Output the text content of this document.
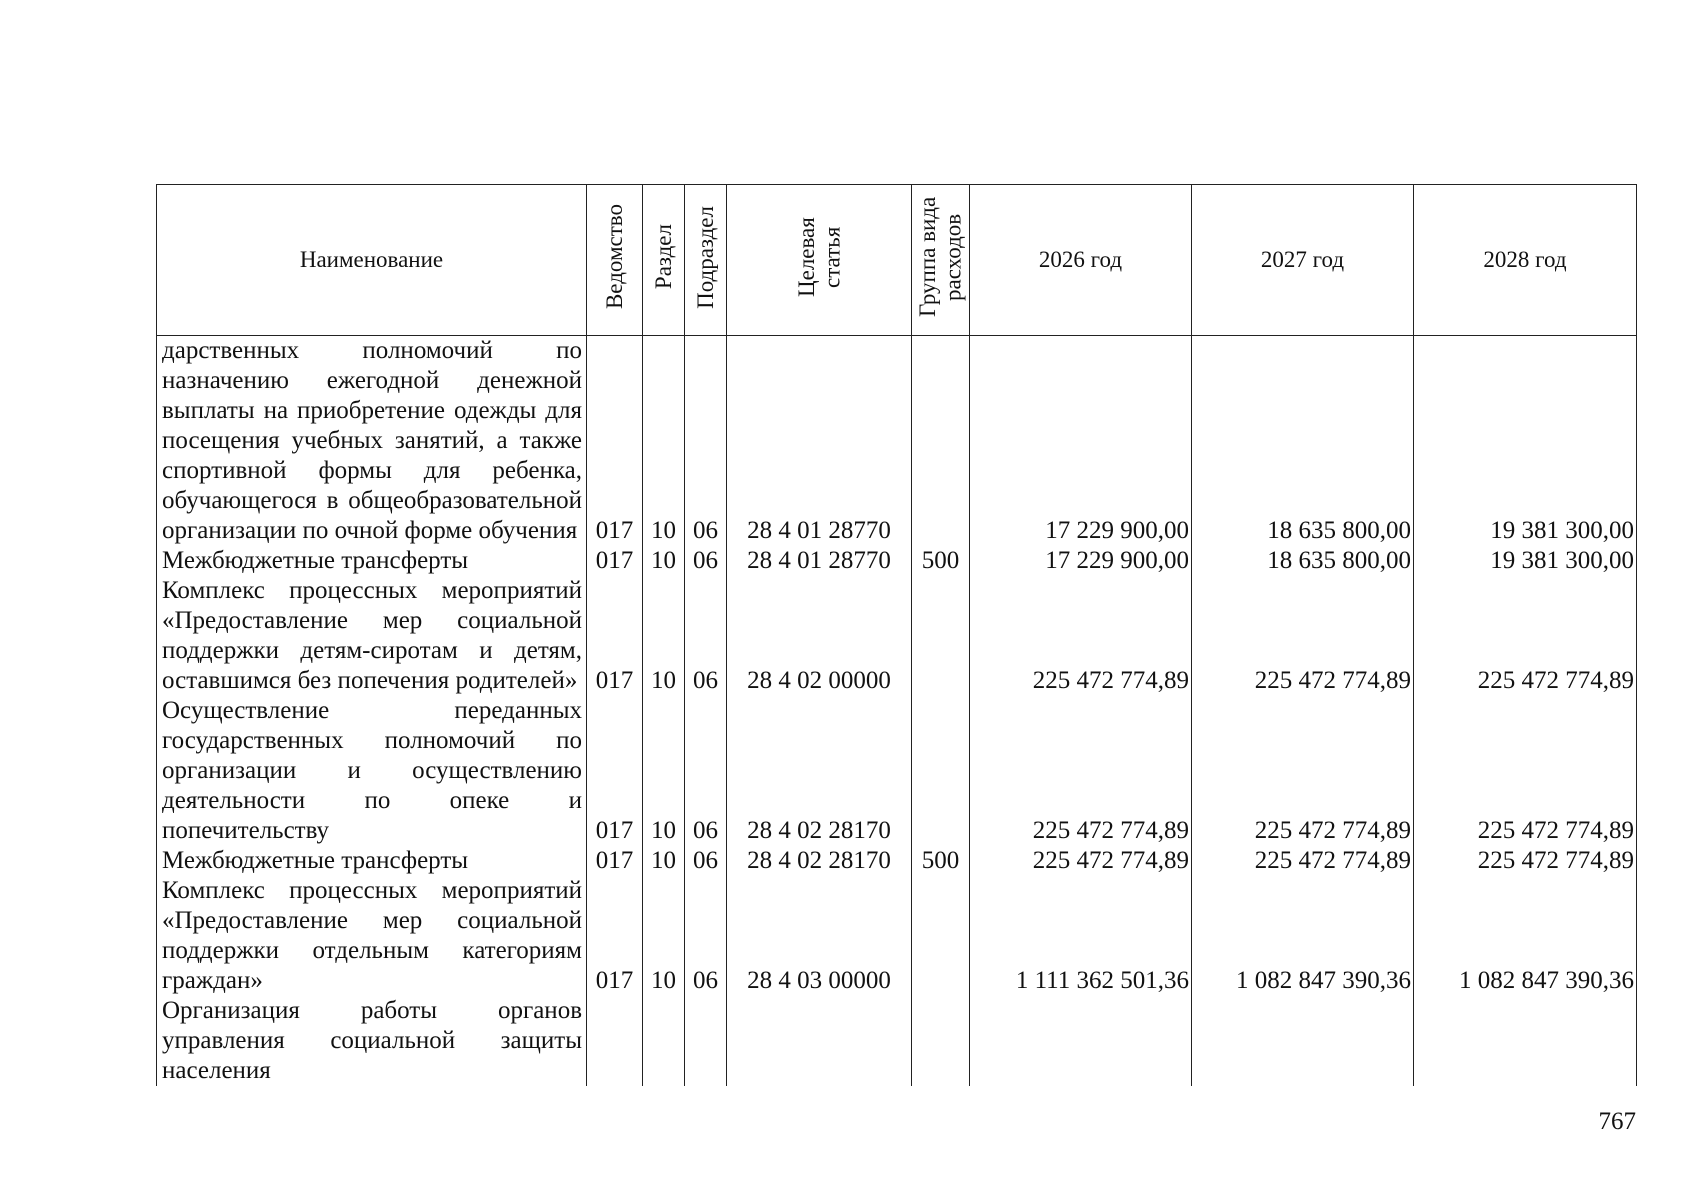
Наименование	Ведомство	Раздел	Подраздел	Целевая статья	Группа вида расходов	2026 год	2027 год	2028 год
дарственных полномочий по назначению ежегодной денежной выплаты на приобретение одежды для посещения учебных занятий, а также спортивной формы для ребенка, обучающегося в общеобразовательной организации по очной форме обучения	017	10	06	28 4 01 28770		17 229 900,00	18 635 800,00	19 381 300,00
Межбюджетные трансферты	017	10	06	28 4 01 28770	500	17 229 900,00	18 635 800,00	19 381 300,00
Комплекс процессных мероприятий «Предоставление мер социальной поддержки детям-сиротам и детям, оставшимся без попечения родителей»	017	10	06	28 4 02 00000		225 472 774,89	225 472 774,89	225 472 774,89
Осуществление переданных государственных полномочий по организации и осуществлению деятельности по опеке и попечительству	017	10	06	28 4 02 28170		225 472 774,89	225 472 774,89	225 472 774,89
Межбюджетные трансферты	017	10	06	28 4 02 28170	500	225 472 774,89	225 472 774,89	225 472 774,89
Комплекс процессных мероприятий «Предоставление мер социальной поддержки отдельным категориям граждан»	017	10	06	28 4 03 00000		1 111 362 501,36	1 082 847 390,36	1 082 847 390,36
Организация работы органов управления социальной защиты населения								
767
